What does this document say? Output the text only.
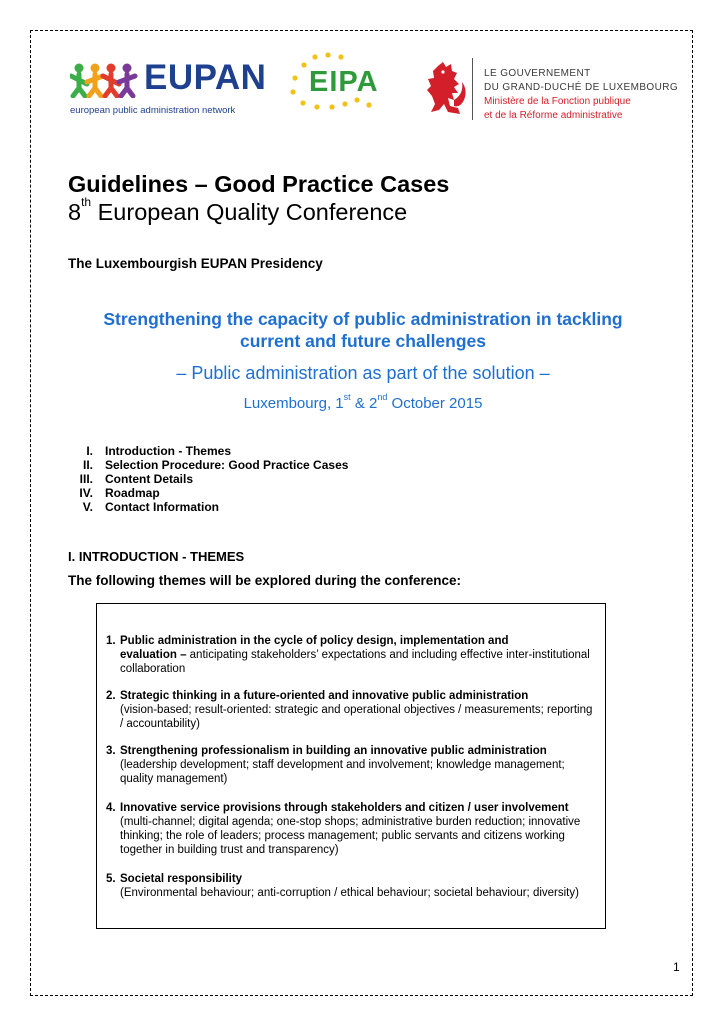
EUPAN
european public administration network
EIPA	LE GOUVERNEMENT
DU GRAND-DUCHÉ DE LUXEMBOURG
Ministère de la Fonction publique
et de la Réforme administrative
Guidelines – Good Practice Cases
8th European Quality Conference
The Luxembourgish EUPAN Presidency
Strengthening the capacity of public administration in tackling
current and future challenges
– Public administration as part of the solution –
Luxembourg, 1st & 2nd October 2015
I. Introduction - Themes
II. Selection Procedure: Good Practice Cases
III. Content Details
IV. Roadmap
V. Contact Information
I. INTRODUCTION - THEMES
The following themes will be explored during the conference:
1. Public administration in the cycle of policy design, implementation and
evaluation – anticipating stakeholders’ expectations and including effective inter-institutional collaboration
2. Strategic thinking in a future-oriented and innovative public administration
(vision-based; result-oriented: strategic and operational objectives / measurements; reporting / accountability)
3. Strengthening professionalism in building an innovative public administration
(leadership development; staff development and involvement; knowledge management; quality management)
4. Innovative service provisions through stakeholders and citizen / user involvement
(multi-channel; digital agenda; one-stop shops; administrative burden reduction; innovative thinking; the role of leaders; process management; public servants and citizens working together in building trust and transparency)
5. Societal responsibility
(Environmental behaviour; anti-corruption / ethical behaviour; societal behaviour; diversity)
1
